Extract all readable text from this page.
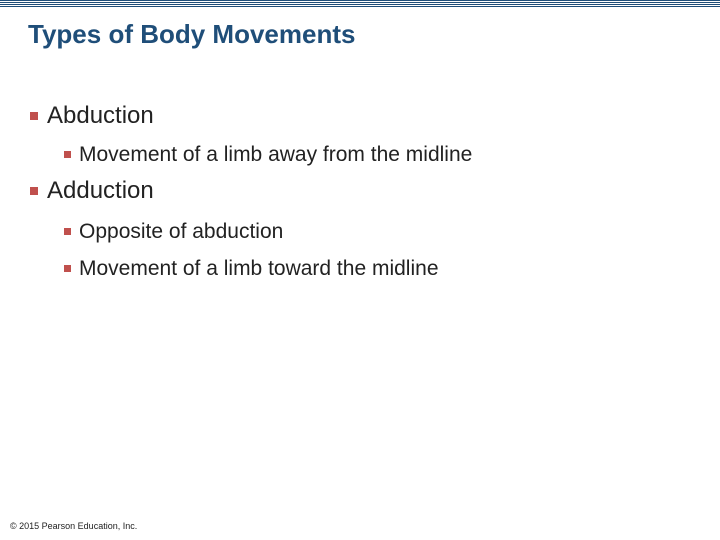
Types of Body Movements
Abduction
Movement of a limb away from the midline
Adduction
Opposite of abduction
Movement of a limb toward the midline
© 2015 Pearson Education, Inc.
